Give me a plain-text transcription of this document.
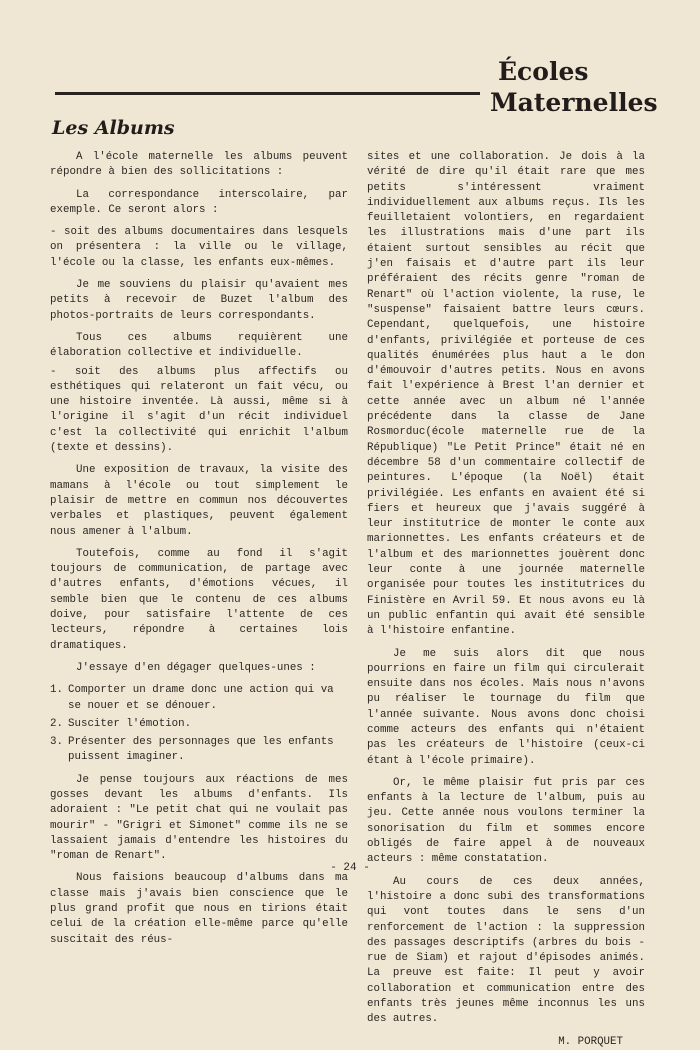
Écoles
Maternelles
Les Albums

A l'école maternelle les albums peuvent répondre à bien des sollicitations :

La correspondance interscolaire, par exemple. Ce seront alors :

- soit des albums documentaires dans lesquels on présentera : la ville ou le village, l'école ou la classe, les enfants eux-mêmes.

Je me souviens du plaisir qu'avaient mes petits à recevoir de Buzet l'album des photos-portraits de leurs correspondants.

Tous ces albums requièrent une élaboration collective et individuelle.

- soit des albums plus affectifs ou esthétiques qui relateront un fait vécu, ou une histoire inventée. Là aussi, même si à l'origine il s'agit d'un récit individuel c'est la collectivité qui enrichit l'album (texte et dessins).

Une exposition de travaux, la visite des mamans à l'école ou tout simplement le plaisir de mettre en commun nos découvertes verbales et plastiques, peuvent également nous amener à l'album.

Toutefois, comme au fond il s'agit toujours de communication, de partage avec d'autres enfants, d'émotions vécues, il semble bien que le contenu de ces albums doive, pour satisfaire l'attente de ces lecteurs, répondre à certaines lois dramatiques.

J'essaye d'en dégager quelques-unes :

1. Comporter un drame donc une action qui va se nouer et se dénouer.
2. Susciter l'émotion.
3. Présenter des personnages que les enfants puissent imaginer.

Je pense toujours aux réactions de mes gosses devant les albums d'enfants. Ils adoraient : "Le petit chat qui ne voulait pas mourir" - "Grigri et Simonet" comme ils ne se lassaient jamais d'entendre les histoires du "roman de Renart".

Nous faisions beaucoup d'albums dans ma classe mais j'avais bien conscience que le plus grand profit que nous en tirions était celui de la création elle-même parce qu'elle suscitait des réus-

sites et une collaboration. Je dois à la vérité de dire qu'il était rare que mes petits s'intéressent vraiment individuellement aux albums reçus. Ils les feuilletaient volontiers, en regardaient les illustrations mais d'une part ils étaient surtout sensibles au récit que j'en faisais et d'autre part ils leur préféraient des récits genre "roman de Renart" où l'action violente, la ruse, le "suspense" faisaient battre leurs cœurs. Cependant, quelquefois, une histoire d'enfants, privilégiée et porteuse de ces qualités énumérées plus haut a le don d'émouvoir d'autres petits. Nous en avons fait l'expérience à Brest l'an dernier et cette année avec un album né l'année précédente dans la classe de Jane Rosmorduc(école maternelle rue de la République) "Le Petit Prince" était né en décembre 58 d'un commentaire collectif de peintures. L'époque (la Noël) était privilégiée. Les enfants en avaient été si fiers et heureux que j'avais suggéré à leur institutrice de monter le conte aux marionnettes. Les enfants créateurs et de l'album et des marionnettes jouèrent donc leur conte à une journée maternelle organisée pour toutes les institutrices du Finistère en Avril 59. Et nous avons eu là un public enfantin qui avait été sensible à l'histoire enfantine.

Je me suis alors dit que nous pourrions en faire un film qui circulerait ensuite dans nos écoles. Mais nous n'avons pu réaliser le tournage du film que l'année suivante. Nous avons donc choisi comme acteurs des enfants qui n'étaient pas les créateurs de l'histoire (ceux-ci étant à l'école primaire).

Or, le même plaisir fut pris par ces enfants à la lecture de l'album, puis au jeu. Cette année nous voulons terminer la sonorisation du film et sommes encore obligés de faire appel à de nouveaux acteurs : même constatation.

Au cours de ces deux années, l'histoire a donc subi des transformations qui vont toutes dans le sens d'un renforcement de l'action : la suppression des passages descriptifs (arbres du bois - rue de Siam) et rajout d'épisodes animés. La preuve est faite: Il peut y avoir collaboration et communication entre des enfants très jeunes même inconnus les uns des autres.

M. PORQUET

- 24 -
